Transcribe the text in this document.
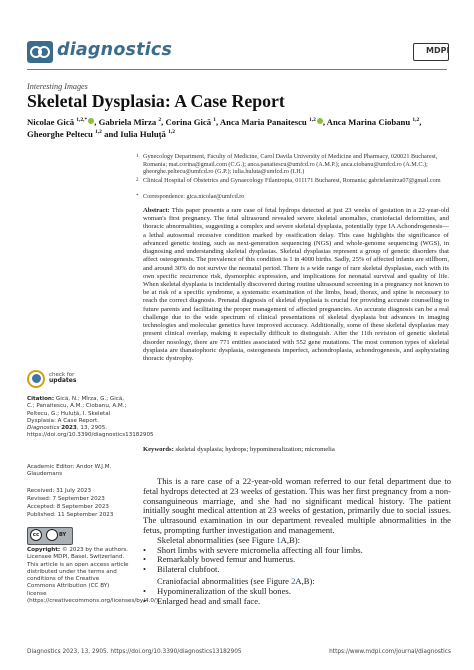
diagnostics	MDPI
Interesting Images
Skeletal Dysplasia: A Case Report
Nicolae Gică $^{1,2,*}$ , Gabriela Mîrza $^2$, Corina Gică $^1$, Anca Maria Panaitescu $^{1,2}$ , Anca Marina Ciobanu $^{1,2}$,
Gheorghe Peltecu $^{1,2}$ and Iulia Huluță $^{1,2}$
1 Gynecology Department, Faculty of Medicine, Carol Davila University of Medicine and Pharmacy, 020021 Bucharest, Romania; mat.corina@gmail.com (C.G.); anca.panaitescu@umfcd.ro (A.M.P.); anca.ciobanu@umfcd.ro (A.M.C.); gheorghe.peltecu@umfcd.ro (G.P.); iulia.huluta@umfcd.ro (I.H.)
2 Clinical Hospital of Obstetrics and Gynaecology Filantropia, 011171 Bucharest, Romania; gabrielamirza07@gmail.com
* Correspondence: gica.nicolae@umfcd.ro

Abstract: This paper presents a rare case of fetal hydrops detected at just 23 weeks of gestation in a 22-year-old woman's first pregnancy. The fetal ultrasound revealed severe skeletal anomalies, craniofacial deformities, and thoracic abnormalities, suggesting a complex and severe skeletal dysplasia, potentially type IA Achondrogenesis—a lethal autosomal recessive condition marked by ossification delay. This case highlights the significance of advanced genetic testing, such as next-generation sequencing (NGS) and whole-genome sequencing (WGS), in diagnosing and understanding skeletal dysplasias. Skeletal dysplasias represent a group of genetic disorders that affect osteogenesis. The prevalence of this condition is 1 in 4000 births. Sadly, 25% of affected infants are stillborn, and around 30% do not survive the neonatal period. There is a wide range of rare skeletal dysplasias, each with its own specific recurrence risk, dysmorphic expression, and implications for neonatal survival and quality of life. When skeletal dysplasia is incidentally discovered during routine ultrasound screening in a pregnancy not known to be at risk of a specific syndrome, a systematic examination of the limbs, head, thorax, and spine is necessary to reach the correct diagnosis. Prenatal diagnosis of skeletal dysplasia is crucial for providing accurate counselling to future parents and facilitating the proper management of affected pregnancies. An accurate diagnosis can be a real challenge due to the wide spectrum of clinical presentations of skeletal dysplasia but advances in imaging technologies and molecular genetics have improved accuracy. Additionally, some of these skeletal dysplasias may present clinical overlap, making it especially difficult to distinguish. After the 11th revision of genetic skeletal disorder nosology, there are 771 entities associated with 552 gene mutations. The most common types of skeletal dysplasia are thanatophoric dysplasia, osteogenesis imperfect, achondroplasia, achondrogenesis, and asphyxiating thoracic dystrophy.

Keywords: skeletal dysplasia; hydrops; hypomineralization; micromelia
check for
updates
Citation: Gică, N.; Mîrza, G.; Gică, C.; Panaitescu, A.M.; Ciobanu, A.M.; Peltecu, G.; Huluță, I. Skeletal Dysplasia: A Case Report. Diagnostics 2023, 13, 2905. https://doi.org/10.3390/diagnostics13182905
Academic Editor: Andor W.J.M. Glaudemans
Received: 31 July 2023
Revised: 7 September 2023
Accepted: 8 September 2023
Published: 11 September 2023
cc	BY
Copyright: © 2023 by the authors. Licensee MDPI, Basel, Switzerland. This article is an open access article distributed under the terms and conditions of the Creative Commons Attribution (CC BY) license (https://creativecommons.org/licenses/by/4.0/).

This is a rare case of a 22-year-old woman referred to our fetal department due to fetal hydrops detected at 23 weeks of gestation. This was her first pregnancy from a non-consanguineous marriage, and she had no significant medical history. The patient initially sought medical attention at 23 weeks of gestation, primarily due to social issues. The ultrasound examination in our department revealed multiple abnormalities in the fetus, prompting further investigation and management.

Skeletal abnormalities (see Figure 1A,B):

• Short limbs with severe micromelia affecting all four limbs.
• Remarkably bowed femur and humerus.
• Bilateral clubfoot.

Craniofacial abnormalities (see Figure 2A,B):

• Hypomineralization of the skull bones.
• Enlarged head and small face.
Diagnostics 2023, 13, 2905. https://doi.org/10.3390/diagnostics13182905	https://www.mdpi.com/journal/diagnostics
